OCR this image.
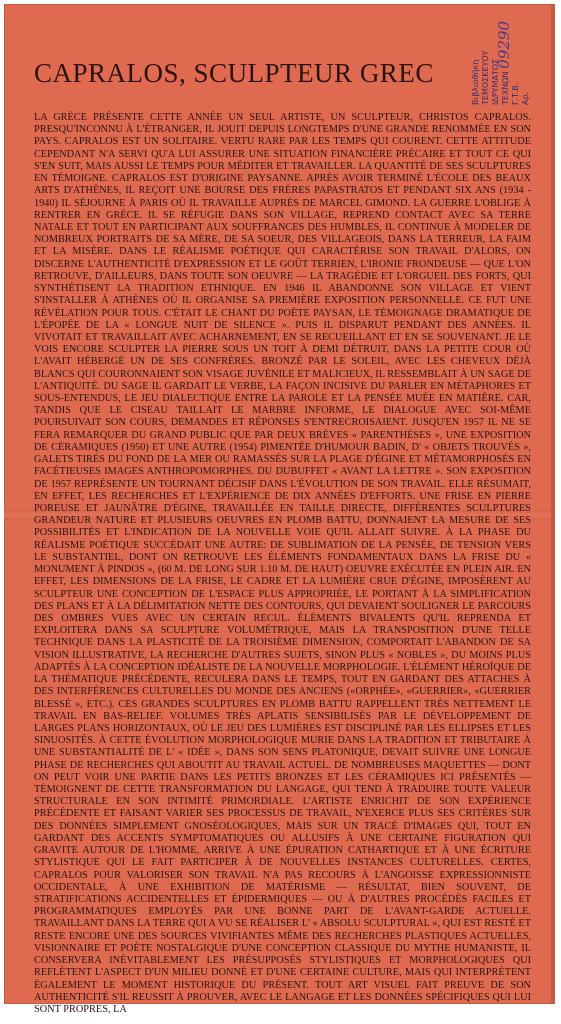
CAPRALOS, SCULPTEUR GREC	Βιβλιοθήκη ΤΕΜΟΣΚΕΥΟΥ ΙΔΡΥΜΑΤΟΣ ΤΕΧΝΩΝ Γ.Τ.Β. Αρ.
09290

LA GRÈCE PRÉSENTE CETTE ANNÉE UN SEUL ARTISTE, UN SCULPTEUR, CHRISTOS CAPRALOS. PRESQU'INCONNU À L'ÉTRANGER, IL JOUIT DEPUIS LONGTEMPS D'UNE GRANDE RENOMMÉE EN SON PAYS. CAPRALOS EST UN SOLITAIRE. VERTU RARE PAR LES TEMPS QUI COURENT. CETTE ATTITUDE CEPENDANT N'A SERVI QU'A LUI ASSURER UNE SITUATION FINANCIÈRE PRÉCAIRE ET TOUT CE QUI S'EN SUIT, MAIS AUSSI LE TEMPS POUR MÉDITER ET TRAVAILLER. LA QUANTITÉ DE SES SCULPTURES EN TÉMOIGNE. CAPRALOS EST D'ORIGINE PAYSANNE. APRÈS AVOIR TERMINÉ L'ÉCOLE DES BEAUX ARTS D'ATHÈNES, IL REÇOIT UNE BOURSE DES FRÈRES PAPASTRATOS ET PENDANT SIX ANS (1934 - 1940) IL SÉJOURNE À PARIS OÙ IL TRAVAILLE AUPRÈS DE MARCEL GIMOND. LA GUERRE L'OBLIGE À RENTRER EN GRÈCE. IL SE RÉFUGIE DANS SON VILLAGE, REPREND CONTACT AVEC SA TERRE NATALE ET TOUT EN PARTICIPANT AUX SOUFFRANCES DES HUMBLES, IL CONTINUE À MODELER DE NOMBREUX PORTRAITS DE SA MÈRE, DE SA SOEUR, DES VILLAGEOIS, DANS LA TERREUR, LA FAIM ET LA MISÈRE. DANS LE RÉALISME POÉTIQUE QUI CARACTÉRISE SON TRAVAIL D'ALORS, ON DISCERNE L'AUTHENTICITÉ D'EXPRESSION ET LE GOÛT TERRIEN, L'IRONIE FRONDEUSE — QUE L'ON RETROUVE, D'AILLEURS, DANS TOUTE SON OEUVRE — LA TRAGÉDIE ET L'ORGUEIL DES FORTS, QUI SYNTHÉTISENT LA TRADITION ETHNIQUE. EN 1946 IL ABANDONNE SON VILLAGE ET VIENT S'INSTALLER À ATHÈNES OÙ IL ORGANISE SA PREMIÈRE EXPOSITION PERSONNELLE. CE FUT UNE RÉVÉLATION POUR TOUS. C'ÉTAIT LE CHANT DU POÈTE PAYSAN, LE TÉMOIGNAGE DRAMATIQUE DE L'ÉPOPÉE DE LA « LONGUE NUIT DE SILENCE ». PUIS IL DISPARUT PENDANT DES ANNÉES. IL VIVOTAIT ET TRAVAILLAIT AVEC ACHARNEMENT, EN SE RECUEILLANT ET EN SE SOUVENANT. JE LE VOIS ENCORE SCULPTER LA PIERRE SOUS UN TOIT À DEMI DÉTRUIT, DANS LA PETITE COUR OÙ L'AVAIT HÉBERGÉ UN DE SES CONFRÈRES. BRONZÉ PAR LE SOLEIL, AVEC LES CHEVEUX DÉJÀ BLANCS QUI COURONNAIENT SON VISAGE JUVÉNILE ET MALICIEUX, IL RESSEMBLAIT À UN SAGE DE L'ANTIQUITÉ. DU SAGE IL GARDAIT LE VERBE, LA FAÇON INCISIVE DU PARLER EN MÉTAPHORES ET SOUS-ENTENDUS, LE JEU DIALECTIQUE ENTRE LA PAROLE ET LA PENSÉE MUÉE EN MATIÈRE. CAR, TANDIS QUE LE CISEAU TAILLAIT LE MARBRE INFORME, LE DIALOGUE AVEC SOI-MÊME POURSUIVAIT SON COURS, DEMANDES ET RÉPONSES S'ENTRECROISAIENT. JUSQU'EN 1957 IL NE SE FERA REMARQUER DU GRAND PUBLIC QUE PAR DEUX BRÈVES « PARENTHÈSES », UNE EXPOSITION DE CÉRAMIQUES (1950) ET UNE AUTRE (1954) PIMENTÉE D'HUMOUR BADIN, D' « OBJETS TROUVÉS », GALETS TIRÉS DU FOND DE LA MER OU RAMASSÉS SUR LA PLAGE D'ÉGINE ET MÉTAMORPHOSÉS EN FACÉTIEUSES IMAGES ANTHROPOMORPHES. DU DUBUFFET « AVANT LA LETTRE ». SON EXPOSITION DE 1957 REPRÉSENTE UN TOURNANT DÉCISIF DANS L'ÉVOLUTION DE SON TRAVAIL. ELLE RÉSUMAIT, EN EFFET, LES RECHERCHES ET L'EXPÉRIENCE DE DIX ANNÉES D'EFFORTS. UNE FRISE EN PIERRE POREUSE ET JAUNÂTRE D'ÉGINE, TRAVAILLÉE EN TAILLE DIRECTE, DIFFÉRENTES SCULPTURES GRANDEUR NATURE ET PLUSIEURS OEUVRES EN PLOMB BATTU, DONNAIENT LA MESURE DE SES POSSIBILITÉS ET L'INDICATION DE LA NOUVELLE VOIE QU'IL ALLAIT SUIVRE. À LA PHASE DU RÉALISME POÉTIQUE SUCCÉDAIT UNE AUTRE: DE SUBLIMATION DE LA PENSÉE, DE TENSION VERS LE SUBSTANTIEL, DONT ON RETROUVE LES ÉLÉMENTS FONDAMENTAUX DANS LA FRISE DU « MONUMENT À PINDOS », (60 M. DE LONG SUR 1.10 M. DE HAUT) OEUVRE EXÉCUTÉE EN PLEIN AIR. EN EFFET, LES DIMENSIONS DE LA FRISE, LE CADRE ET LA LUMIÈRE CRUE D'ÉGINE, IMPOSÈRENT AU SCULPTEUR UNE CONCEPTION DE L'ESPACE PLUS APPROPRIÉE, LE PORTANT À LA SIMPLIFICATION DES PLANS ET À LA DÉLIMITATION NETTE DES CONTOURS, QUI DEVAIENT SOULIGNER LE PARCOURS DES OMBRES VUES AVEC UN CERTAIN RECUL. ÉLÉMENTS BIVALENTS QU'IL REPRENDA ET EXPLOITERA DANS SA SCULPTURE VOLUMÉTRIQUE, MAIS LA TRANSPOSITION D'UNE TELLE TECHNIQUE DANS LA PLASTICITÉ DE LA TROISIÈME DIMENSION, COMPORTAIT L'ABANDON DE SA VISION ILLUSTRATIVE, LA RECHERCHE D'AUTRES SUJETS, SINON PLUS « NOBLES », DU MOINS PLUS ADAPTÉS À LA CONCEPTION IDÉALISTE DE LA NOUVELLE MORPHOLOGIE. L'ÉLÉMENT HÉROÏQUE DE LA THÉMATIQUE PRÉCÉDENTE, RECULERA DANS LE TEMPS, TOUT EN GARDANT DES ATTACHES À DES INTERFÉRENCES CULTURELLES DU MONDE DES ANCIENS («ORPHÉE», «GUERRIER», «GUERRIER BLESSÉ », ETC.). CES GRANDES SCULPTURES EN PLOMB BATTU RAPPELLENT TRÈS NETTEMENT LE TRAVAIL EN BAS-RELIEF. VOLUMES TRÈS APLATIS SENSIBILISÉS PAR LE DÉVELOPPEMENT DE LARGES PLANS HORIZONTAUX, OÙ LE JEU DES LUMIÈRES EST DISCIPLINÉ PAR LES ELLIPSES ET LES SINUOSITÉS. À CETTE ÉVOLUTION MORPHOLOGIQUE MURIE DANS LA TRADITION ET TRIBUTAIRE À UNE SUBSTANTIALITÉ DE L' « IDÉE », DANS SON SENS PLATONIQUE, DEVAIT SUIVRE UNE LONGUE PHASE DE RECHERCHES QUI ABOUTIT AU TRAVAIL ACTUEL. DE NOMBREUSES MAQUETTES — DONT ON PEUT VOIR UNE PARTIE DANS LES PETITS BRONZES ET LES CÉRAMIQUES ICI PRÉSENTÉS — TÉMOIGNENT DE CETTE TRANSFORMATION DU LANGAGE, QUI TEND À TRADUIRE TOUTE VALEUR STRUCTURALE EN SON INTIMITÉ PRIMORDIALE. L'ARTISTE ENRICHIT DE SON EXPÉRIENCE PRÉCÉDENTE ET FAISANT VARIER SES PROCESSUS DE TRAVAIL, N'EXERCE PLUS SES CRITÈRES SUR DES DONNÉES SIMPLEMENT GNOSÉOLOGIQUES, MAIS SUR UN TRACÉ D'IMAGES QUI, TOUT EN GARDANT DES ACCENTS SYMPTOMATIQUES OU ALLUSIFS À UNE CERTAINE FIGURATION QUI GRAVITE AUTOUR DE L'HOMME, ARRIVE À UNE ÉPURATION CATHARTIQUE ET À UNE ÉCRITURE STYLISTIQUE QUI LE FAIT PARTICIPER À DE NOUVELLES INSTANCES CULTURELLES. CERTES, CAPRALOS POUR VALORISER SON TRAVAIL N'A PAS RECOURS À L'ANGOISSE EXPRESSIONNISTE OCCIDENTALE, À UNE EXHIBITION DE MATÉRISME — RÉSULTAT, BIEN SOUVENT, DE STRATIFICATIONS ACCIDENTELLES ET ÉPIDERMIQUES — OU À D'AUTRES PROCÉDÉS FACILES ET PROGRAMMATIQUES EMPLOYÉS PAR UNE BONNE PART DE L'AVANT-GARDE ACTUELLE. TRAVAILLANT DANS LA TERRE QUI A VU SE RÉALISER L' « ABSOLU SCULPTURAL », QUI EST RESTÉ ET RESTE ENCORE UNE DES SOURCES VIVIFIANTES MÊME DES RECHERCHES PLASTIQUES ACTUELLES, VISIONNAIRE ET POÈTE NOSTALGIQUE D'UNE CONCEPTION CLASSIQUE DU MYTHE HUMANISTE, IL CONSERVERA INÉVITABLEMENT LES PRÉSUPPOSÉS STYLISTIQUES ET MORPHOLOGIQUES QUI REFLÈTENT L'ASPECT D'UN MILIEU DONNÉ ET D'UNE CERTAINE CULTURE, MAIS QUI INTERPRÈTENT ÉGALEMENT LE MOMENT HISTORIQUE DU PRÉSENT. TOUT ART VISUEL FAIT PREUVE DE SON AUTHENTICITÉ S'IL REUSSIT À PROUVER, AVEC LE LANGAGE ET LES DONNÉES SPÉCIFIQUES QUI LUI SONT PROPRES, LA
